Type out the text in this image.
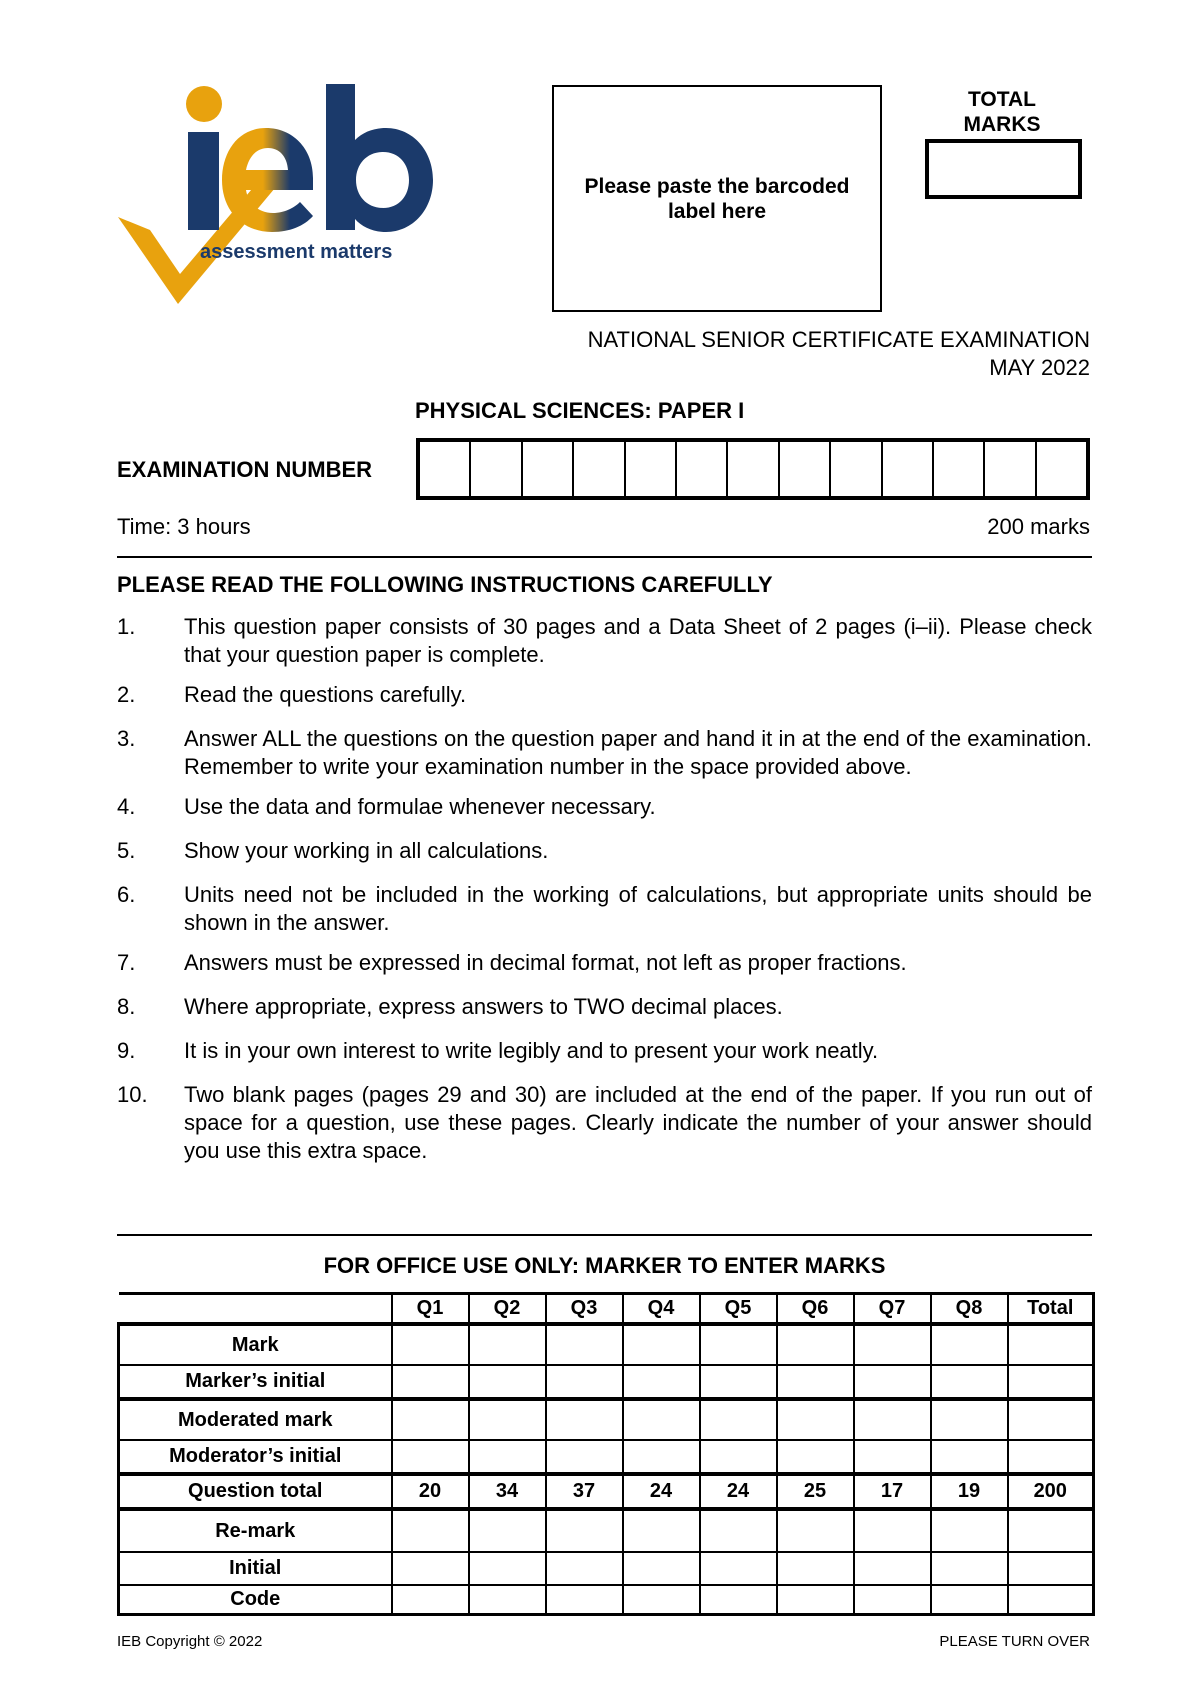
assessment matters
Please paste the barcoded label here
TOTAL MARKS
NATIONAL SENIOR CERTIFICATE EXAMINATION
MAY 2022
PHYSICAL SCIENCES: PAPER I
EXAMINATION NUMBER
Time: 3 hours	200 marks
PLEASE READ THE FOLLOWING INSTRUCTIONS CAREFULLY
1.	This question paper consists of 30 pages and a Data Sheet of 2 pages (i–ii). Please check that your question paper is complete.
2.	Read the questions carefully.
3.	Answer ALL the questions on the question paper and hand it in at the end of the examination. Remember to write your examination number in the space provided above.
4.	Use the data and formulae whenever necessary.
5.	Show your working in all calculations.
6.	Units need not be included in the working of calculations, but appropriate units should be shown in the answer.
7.	Answers must be expressed in decimal format, not left as proper fractions.
8.	Where appropriate, express answers to TWO decimal places.
9.	It is in your own interest to write legibly and to present your work neatly.
10.	Two blank pages (pages 29 and 30) are included at the end of the paper. If you run out of space for a question, use these pages. Clearly indicate the number of your answer should you use this extra space.
FOR OFFICE USE ONLY: MARKER TO ENTER MARKS
	Q1	Q2	Q3	Q4	Q5	Q6	Q7	Q8	Total
Mark									
Marker’s initial									
Moderated mark									
Moderator’s initial									
Question total	20	34	37	24	24	25	17	19	200
Re-mark									
Initial									
Code									
IEB Copyright © 2022	PLEASE TURN OVER
